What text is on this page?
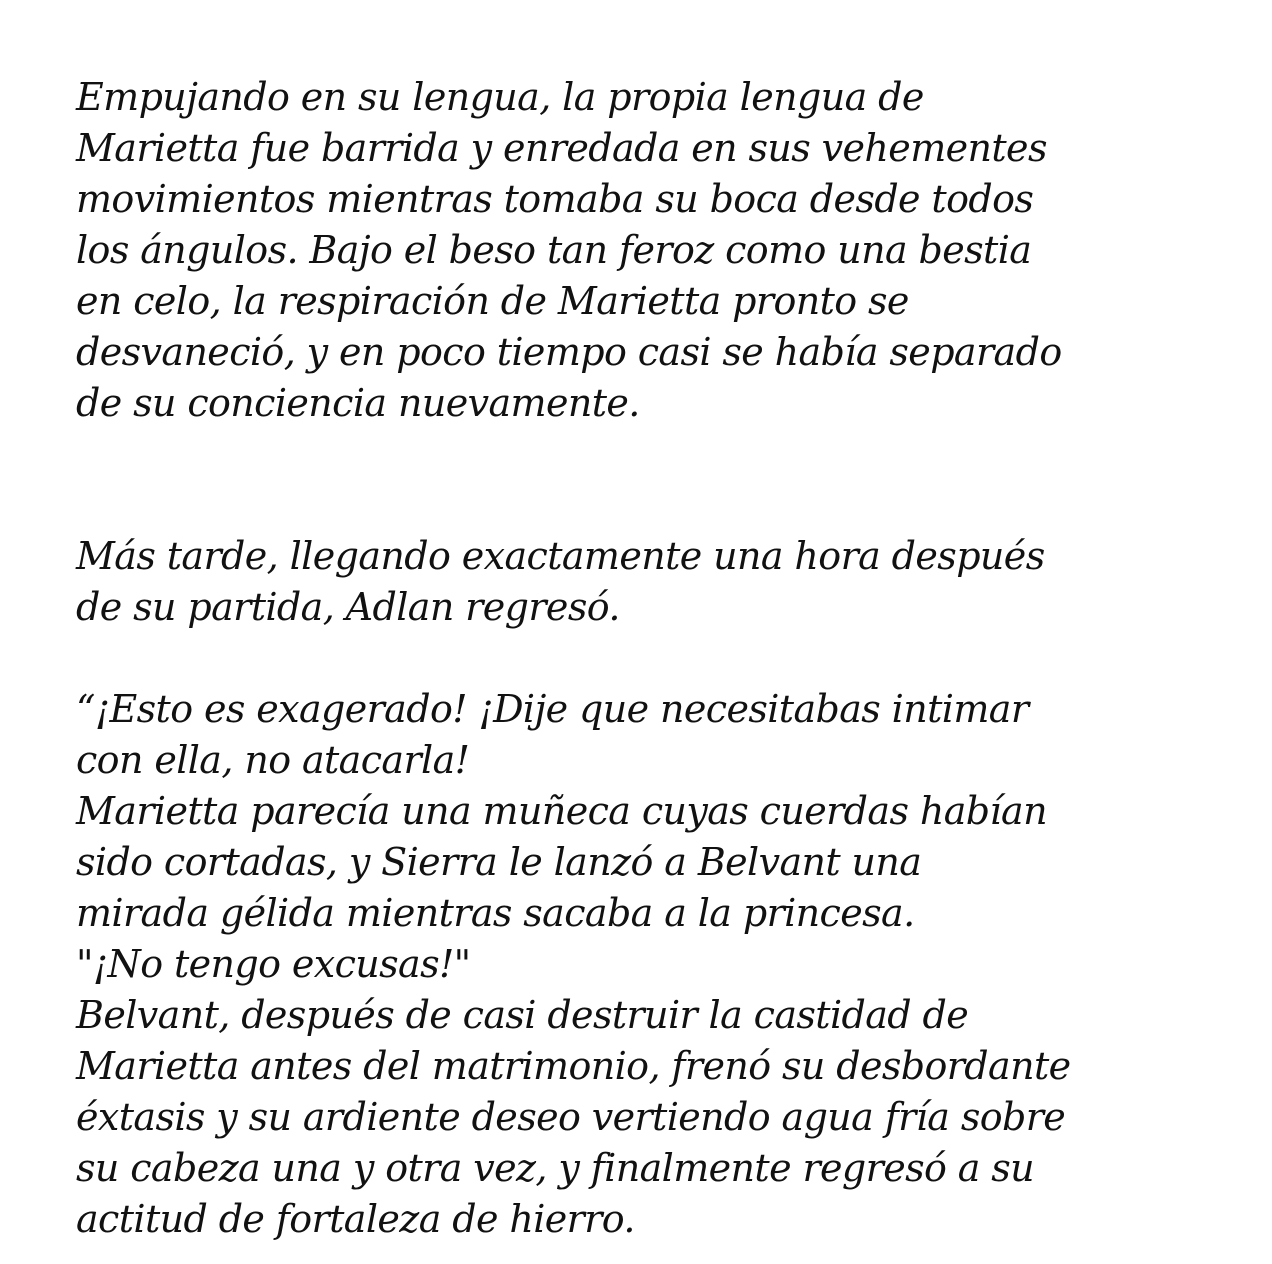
Empujando en su lengua, la propia lengua de
Marietta fue barrida y enredada en sus vehementes
movimientos mientras tomaba su boca desde todos
los ángulos. Bajo el beso tan feroz como una bestia
en celo, la respiración de Marietta pronto se
desvaneció, y en poco tiempo casi se había separado
de su conciencia nuevamente.
Más tarde, llegando exactamente una hora después
de su partida, Adlan regresó.
“¡Esto es exagerado! ¡Dije que necesitabas intimar
con ella, no atacarla!
Marietta parecía una muñeca cuyas cuerdas habían
sido cortadas, y Sierra le lanzó a Belvant una
mirada gélida mientras sacaba a la princesa.
"¡No tengo excusas!"
Belvant, después de casi destruir la castidad de
Marietta antes del matrimonio, frenó su desbordante
éxtasis y su ardiente deseo vertiendo agua fría sobre
su cabeza una y otra vez, y finalmente regresó a su
actitud de fortaleza de hierro.
